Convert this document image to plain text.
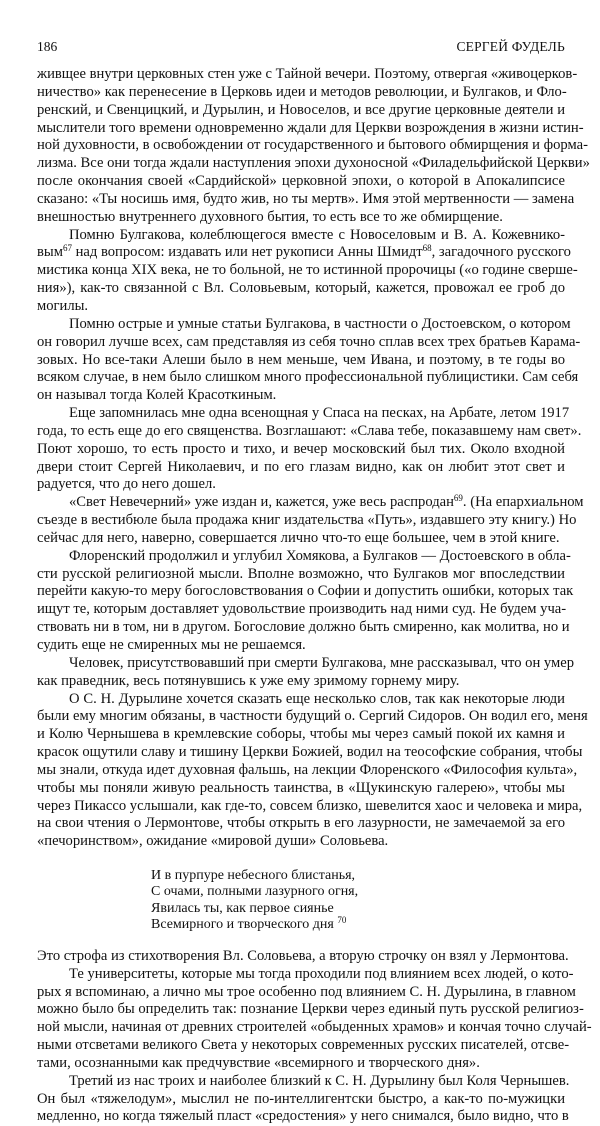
186	СЕРГЕЙ ФУДЕЛЬ
живщее внутри церковных стен уже с Тайной вечери. Поэтому, отвергая «живоцерков-
ничество» как перенесение в Церковь идеи и методов революции, и Булгаков, и Фло-
ренский, и Свенцицкий, и Дурылин, и Новоселов, и все другие церковные деятели и
мыслители того времени одновременно ждали для Церкви возрождения в жизни истин-
ной духовности, в освобождении от государственного и бытового обмирщения и форма-
лизма. Все они тогда ждали наступления эпохи духоносной «Филадельфийской Церкви»
после окончания своей «Сардийской» церковной эпохи, о которой в Апокалипсисе
сказано: «Ты носишь имя, будто жив, но ты мертв». Имя этой мертвенности — замена
внешностью внутреннего духовного бытия, то есть все то же обмирщение.
Помню Булгакова, колеблющегося вместе с Новоселовым и В. А. Кожевнико-
вым$^{67}$ над вопросом: издавать или нет рукописи Анны Шмидт$^{68}$, загадочного русского
мистика конца XIX века, не то больной, не то истинной пророчицы («о године сверше-
ния»), как-то связанной с Вл. Соловьевым, который, кажется, провожал ее гроб до
могилы.
Помню острые и умные статьи Булгакова, в частности о Достоевском, о котором
он говорил лучше всех, сам представляя из себя точно сплав всех трех братьев Карама-
зовых. Но все-таки Алеши было в нем меньше, чем Ивана, и поэтому, в те годы во
всяком случае, в нем было слишком много профессиональной публицистики. Сам себя
он называл тогда Колей Красоткиным.
Еще запомнилась мне одна всенощная у Спаса на песках, на Арбате, летом 1917
года, то есть еще до его священства. Возглашают: «Слава тебе, показавшему нам свет».
Поют хорошо, то есть просто и тихо, и вечер московский был тих. Около входной
двери стоит Сергей Николаевич, и по его глазам видно, как он любит этот свет и
радуется, что до него дошел.
«Свет Невечерний» уже издан и, кажется, уже весь распродан$^{69}$. (На епархиальном
съезде в вестибюле была продажа книг издательства «Путь», издавшего эту книгу.) Но
сейчас для него, наверно, совершается лично что-то еще большее, чем в этой книге.
Флоренский продолжил и углубил Хомякова, а Булгаков — Достоевского в обла-
сти русской религиозной мысли. Вполне возможно, что Булгаков мог впоследствии
перейти какую-то меру богословствования о Софии и допустить ошибки, которых так
ищут те, которым доставляет удовольствие производить над ними суд. Не будем уча-
ствовать ни в том, ни в другом. Богословие должно быть смиренно, как молитва, но и
судить еще не смиренных мы не решаемся.
Человек, присутствовавший при смерти Булгакова, мне рассказывал, что он умер
как праведник, весь потянувшись к уже ему зримому горнему миру.
О С. Н. Дурылине хочется сказать еще несколько слов, так как некоторые люди
были ему многим обязаны, в частности будущий о. Сергий Сидоров. Он водил его, меня
и Колю Чернышева в кремлевские соборы, чтобы мы через самый покой их камня и
красок ощутили славу и тишину Церкви Божией, водил на теософские собрания, чтобы
мы знали, откуда идет духовная фальшь, на лекции Флоренского «Философия культа»,
чтобы мы поняли живую реальность таинства, в «Щукинскую галерею», чтобы мы
через Пикассо услышали, как где-то, совсем близко, шевелится хаос и человека и мира,
на свои чтения о Лермонтове, чтобы открыть в его лазурности, не замечаемой за его
«печоринством», ожидание «мировой души» Соловьева.
И в пурпуре небесного блистанья,
С очами, полными лазурного огня,
Явилась ты, как первое сиянье
Всемирного и творческого дня $^{70}$
Это строфа из стихотворения Вл. Соловьева, а вторую строчку он взял у Лермонтова.
Те университеты, которые мы тогда проходили под влиянием всех людей, о кото-
рых я вспоминаю, а лично мы трое особенно под влиянием С. Н. Дурылина, в главном
можно было бы определить так: познание Церкви через единый путь русской религиоз-
ной мысли, начиная от древних строителей «обыденных храмов» и кончая точно случай-
ными отсветами великого Света у некоторых современных русских писателей, отсве-
тами, осознанными как предчувствие «всемирного и творческого дня».
Третий из нас троих и наиболее близкий к С. Н. Дурылину был Коля Чернышев.
Он был «тяжелодум», мыслил не по-интеллигентски быстро, а как-то по-мужицки
медленно, но когда тяжелый пласт «средостения» у него снимался, было видно, что в
